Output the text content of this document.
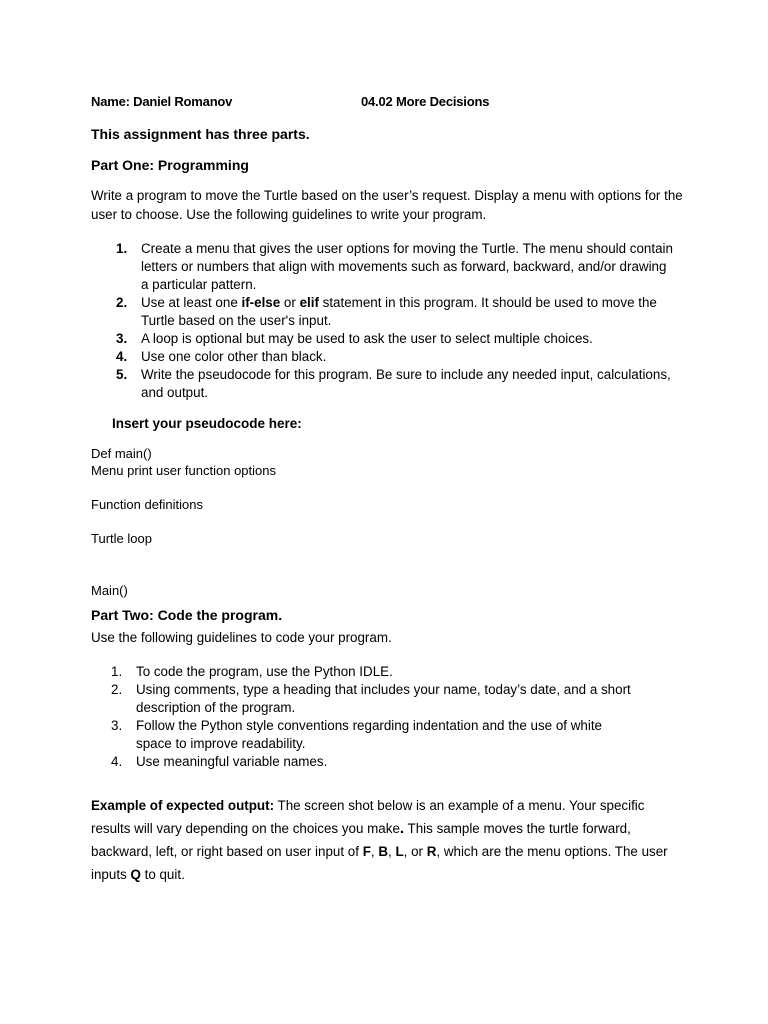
Name: Daniel Romanov	04.02 More Decisions
This assignment has three parts.
Part One: Programming
Write a program to move the Turtle based on the user’s request. Display a menu with options for the user to choose. Use the following guidelines to write your program.
1. Create a menu that gives the user options for moving the Turtle. The menu should contain letters or numbers that align with movements such as forward, backward, and/or drawing a particular pattern.
2. Use at least one if-else or elif statement in this program. It should be used to move the Turtle based on the user's input.
3. A loop is optional but may be used to ask the user to select multiple choices.
4. Use one color other than black.
5. Write the pseudocode for this program. Be sure to include any needed input, calculations, and output.
Insert your pseudocode here:
Def main()
Menu print user function options
Function definitions
Turtle loop
Main()
Part Two: Code the program.
Use the following guidelines to code your program.
1. To code the program, use the Python IDLE.
2. Using comments, type a heading that includes your name, today’s date, and a short description of the program.
3. Follow the Python style conventions regarding indentation and the use of white space to improve readability.
4. Use meaningful variable names.
Example of expected output: The screen shot below is an example of a menu. Your specific results will vary depending on the choices you make. This sample moves the turtle forward, backward, left, or right based on user input of F, B, L, or R, which are the menu options. The user inputs Q to quit.
